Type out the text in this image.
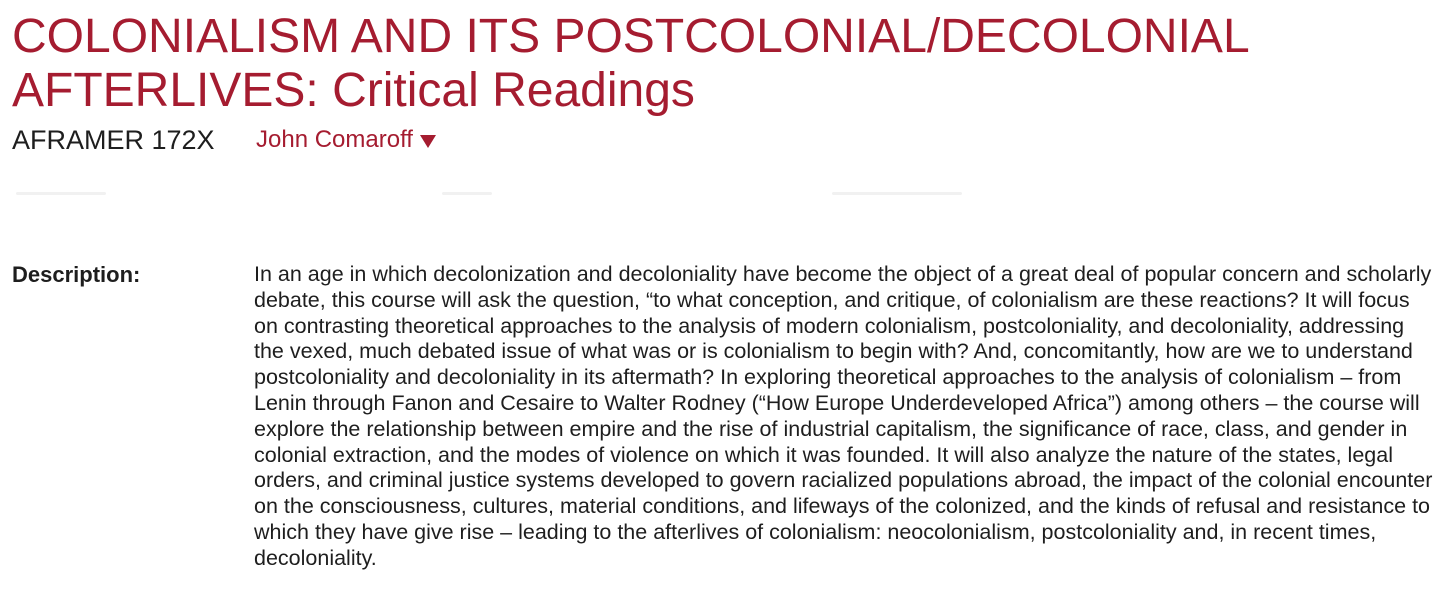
COLONIALISM AND ITS POSTCOLONIAL/DECOLONIAL AFTERLIVES: Critical Readings
AFRAMER 172X	John Comaroff
Description:	In an age in which decolonization and decoloniality have become the object of a great deal of popular concern and scholarly debate, this course will ask the question, “to what conception, and critique, of colonialism are these reactions? It will focus on contrasting theoretical approaches to the analysis of modern colonialism, postcoloniality, and decoloniality, addressing the vexed, much debated issue of what was or is colonialism to begin with? And, concomitantly, how are we to understand postcoloniality and decoloniality in its aftermath? In exploring theoretical approaches to the analysis of colonialism – from Lenin through Fanon and Cesaire to Walter Rodney (“How Europe Underdeveloped Africa”) among others – the course will explore the relationship between empire and the rise of industrial capitalism, the significance of race, class, and gender in colonial extraction, and the modes of violence on which it was founded. It will also analyze the nature of the states, legal orders, and criminal justice systems developed to govern racialized populations abroad, the impact of the colonial encounter on the consciousness, cultures, material conditions, and lifeways of the colonized, and the kinds of refusal and resistance to which they have give rise – leading to the afterlives of colonialism: neocolonialism, postcoloniality and, in recent times, decoloniality.
